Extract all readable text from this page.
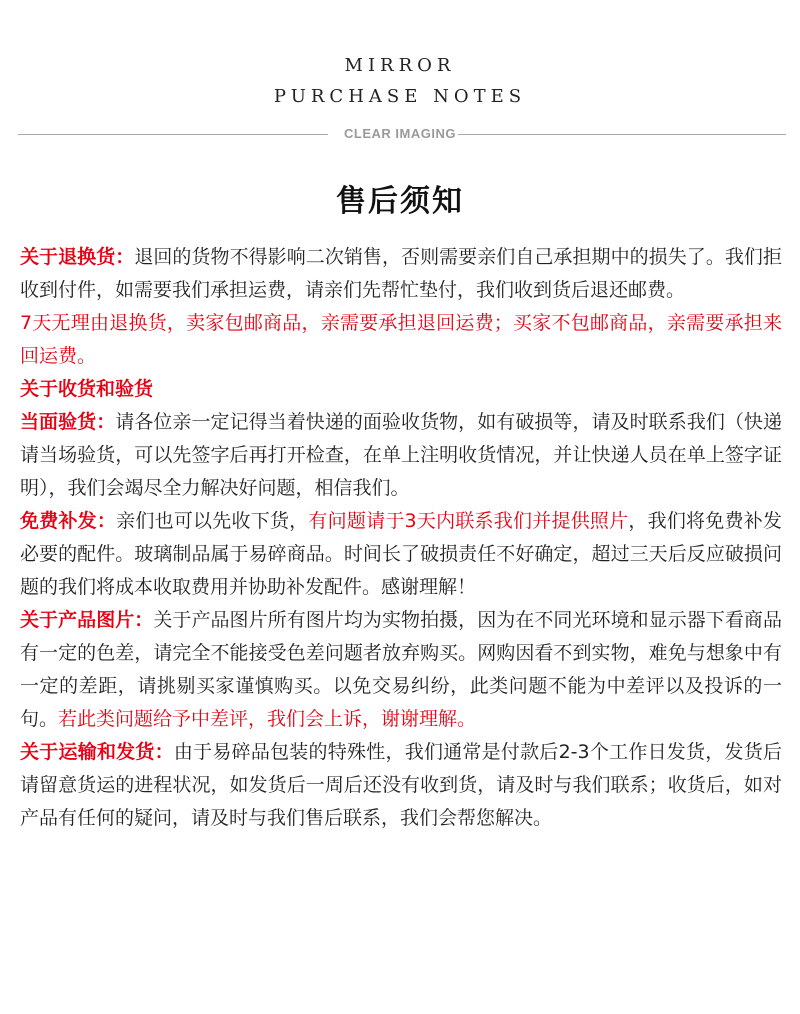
MIRROR
PURCHASE NOTES
CLEAR IMAGING
售后须知

关于退换货：退回的货物不得影响二次销售，否则需要亲们自己承担期中的损失了。我们拒收到付件，如需要我们承担运费，请亲们先帮忙垫付，我们收到货后退还邮费。

7天无理由退换货，卖家包邮商品，亲需要承担退回运费；买家不包邮商品，亲需要承担来回运费。

关于收货和验货

当面验货：请各位亲一定记得当着快递的面验收货物，如有破损等，请及时联系我们（快递请当场验货，可以先签字后再打开检查，在单上注明收货情况，并让快递人员在单上签字证明），我们会竭尽全力解决好问题，相信我们。

免费补发：亲们也可以先收下货，有问题请于3天内联系我们并提供照片，我们将免费补发必要的配件。玻璃制品属于易碎商品。时间长了破损责任不好确定，超过三天后反应破损问题的我们将成本收取费用并协助补发配件。感谢理解！

关于产品图片：关于产品图片所有图片均为实物拍摄，因为在不同光环境和显示器下看商品有一定的色差，请完全不能接受色差问题者放弃购买。网购因看不到实物，难免与想象中有一定的差距，请挑剔买家谨慎购买。以免交易纠纷，此类问题不能为中差评以及投诉的一句。若此类问题给予中差评，我们会上诉，谢谢理解。

关于运输和发货：由于易碎品包装的特殊性，我们通常是付款后2-3个工作日发货，发货后请留意货运的进程状况，如发货后一周后还没有收到货，请及时与我们联系；收货后，如对产品有任何的疑问，请及时与我们售后联系，我们会帮您解决。
